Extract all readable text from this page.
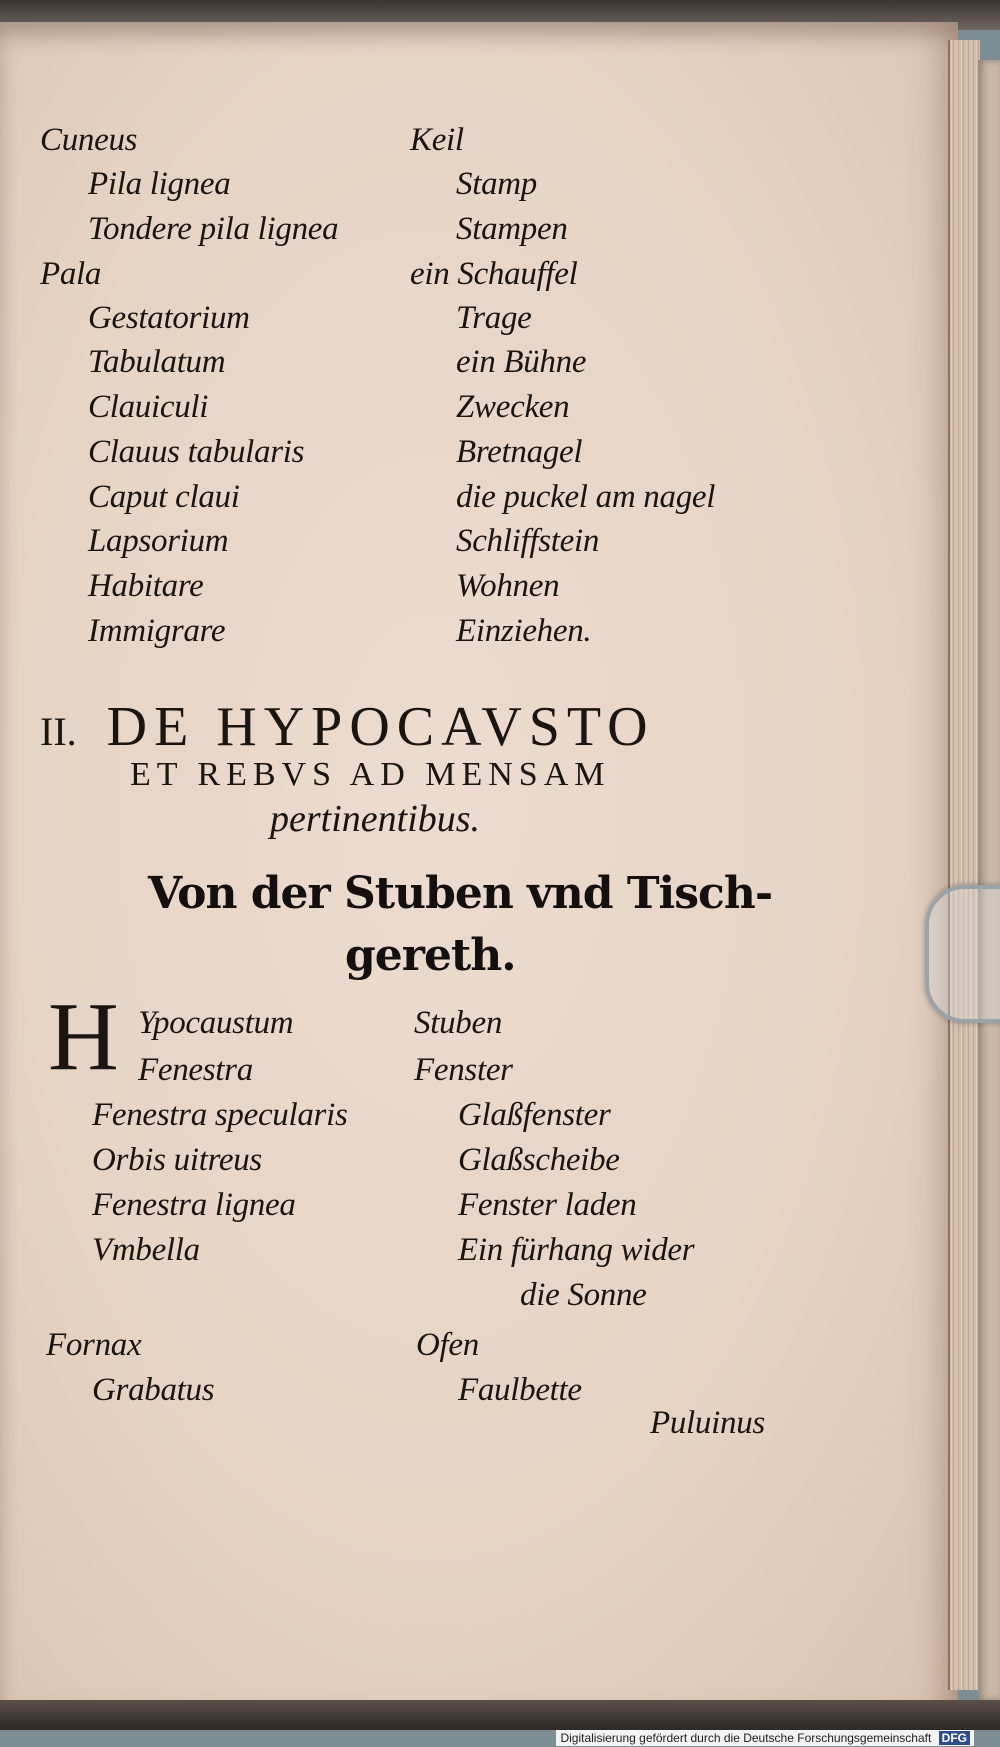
Cuneus	Keil
Pila lignea	Stamp
Tondere pila lignea	Stampen
Pala	ein Schauffel
Gestatorium	Trage
Tabulatum	ein Bühne
Clauiculi	Zwecken
Clauus tabularis	Bretnagel
Caput claui	die puckel am nagel
Lapsorium	Schliffstein
Habitare	Wohnen
Immigrare	Einziehen.
II. DE HYPOCAVSTO
ET REBVS AD MENSAM
pertinentibus.
Von der Stuben vnd Tisch-
gereth.
H Ypocaustum	Stuben
Fenestra	Fenster
Fenestra specularis	Glaßfenster
Orbis uitreus	Glaßscheibe
Fenestra lignea	Fenster laden
Vmbella	Ein fürhang wider
die Sonne
Fornax	Ofen
Grabatus	Faulbette
Puluinus
Digitalisierung gefördert durch die Deutsche Forschungsgemeinschaft DFG
